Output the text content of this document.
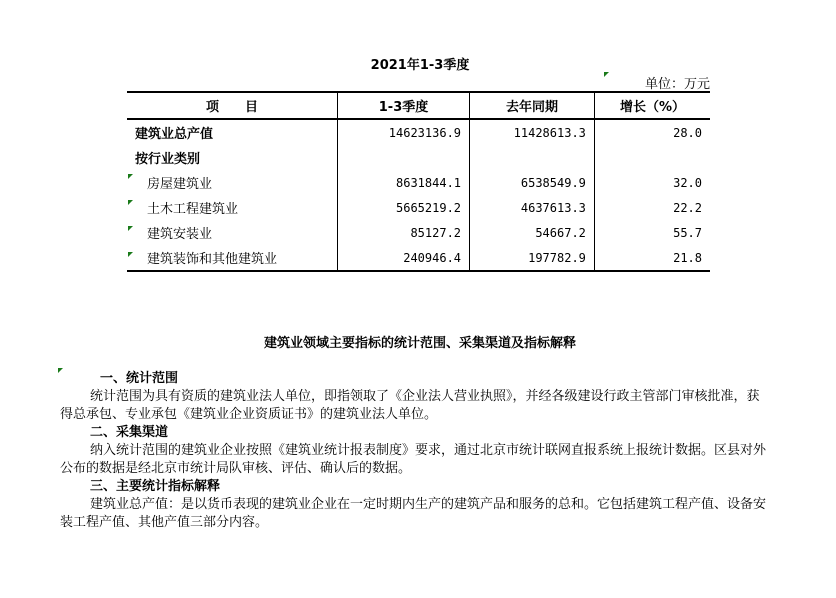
2021年1-3季度
单位：万元
项　　目	1-3季度	去年同期	增长（%）
建筑业总产值	14623136.9	11428613.3	28.0
按行业类别			
房屋建筑业	8631844.1	6538549.9	32.0
土木工程建筑业	5665219.2	4637613.3	22.2
建筑安装业	85127.2	54667.2	55.7
建筑装饰和其他建筑业	240946.4	197782.9	21.8
建筑业领域主要指标的统计范围、采集渠道及指标解释
一、统计范围
统计范围为具有资质的建筑业法人单位，即指领取了《企业法人营业执照》，并经各级建设行政主管部门审核批准，获得总承包、专业承包《建筑业企业资质证书》的建筑业法人单位。
二、采集渠道
纳入统计范围的建筑业企业按照《建筑业统计报表制度》要求，通过北京市统计联网直报系统上报统计数据。区县对外公布的数据是经北京市统计局队审核、评估、确认后的数据。
三、主要统计指标解释
建筑业总产值：是以货币表现的建筑业企业在一定时期内生产的建筑产品和服务的总和。它包括建筑工程产值、设备安装工程产值、其他产值三部分内容。
